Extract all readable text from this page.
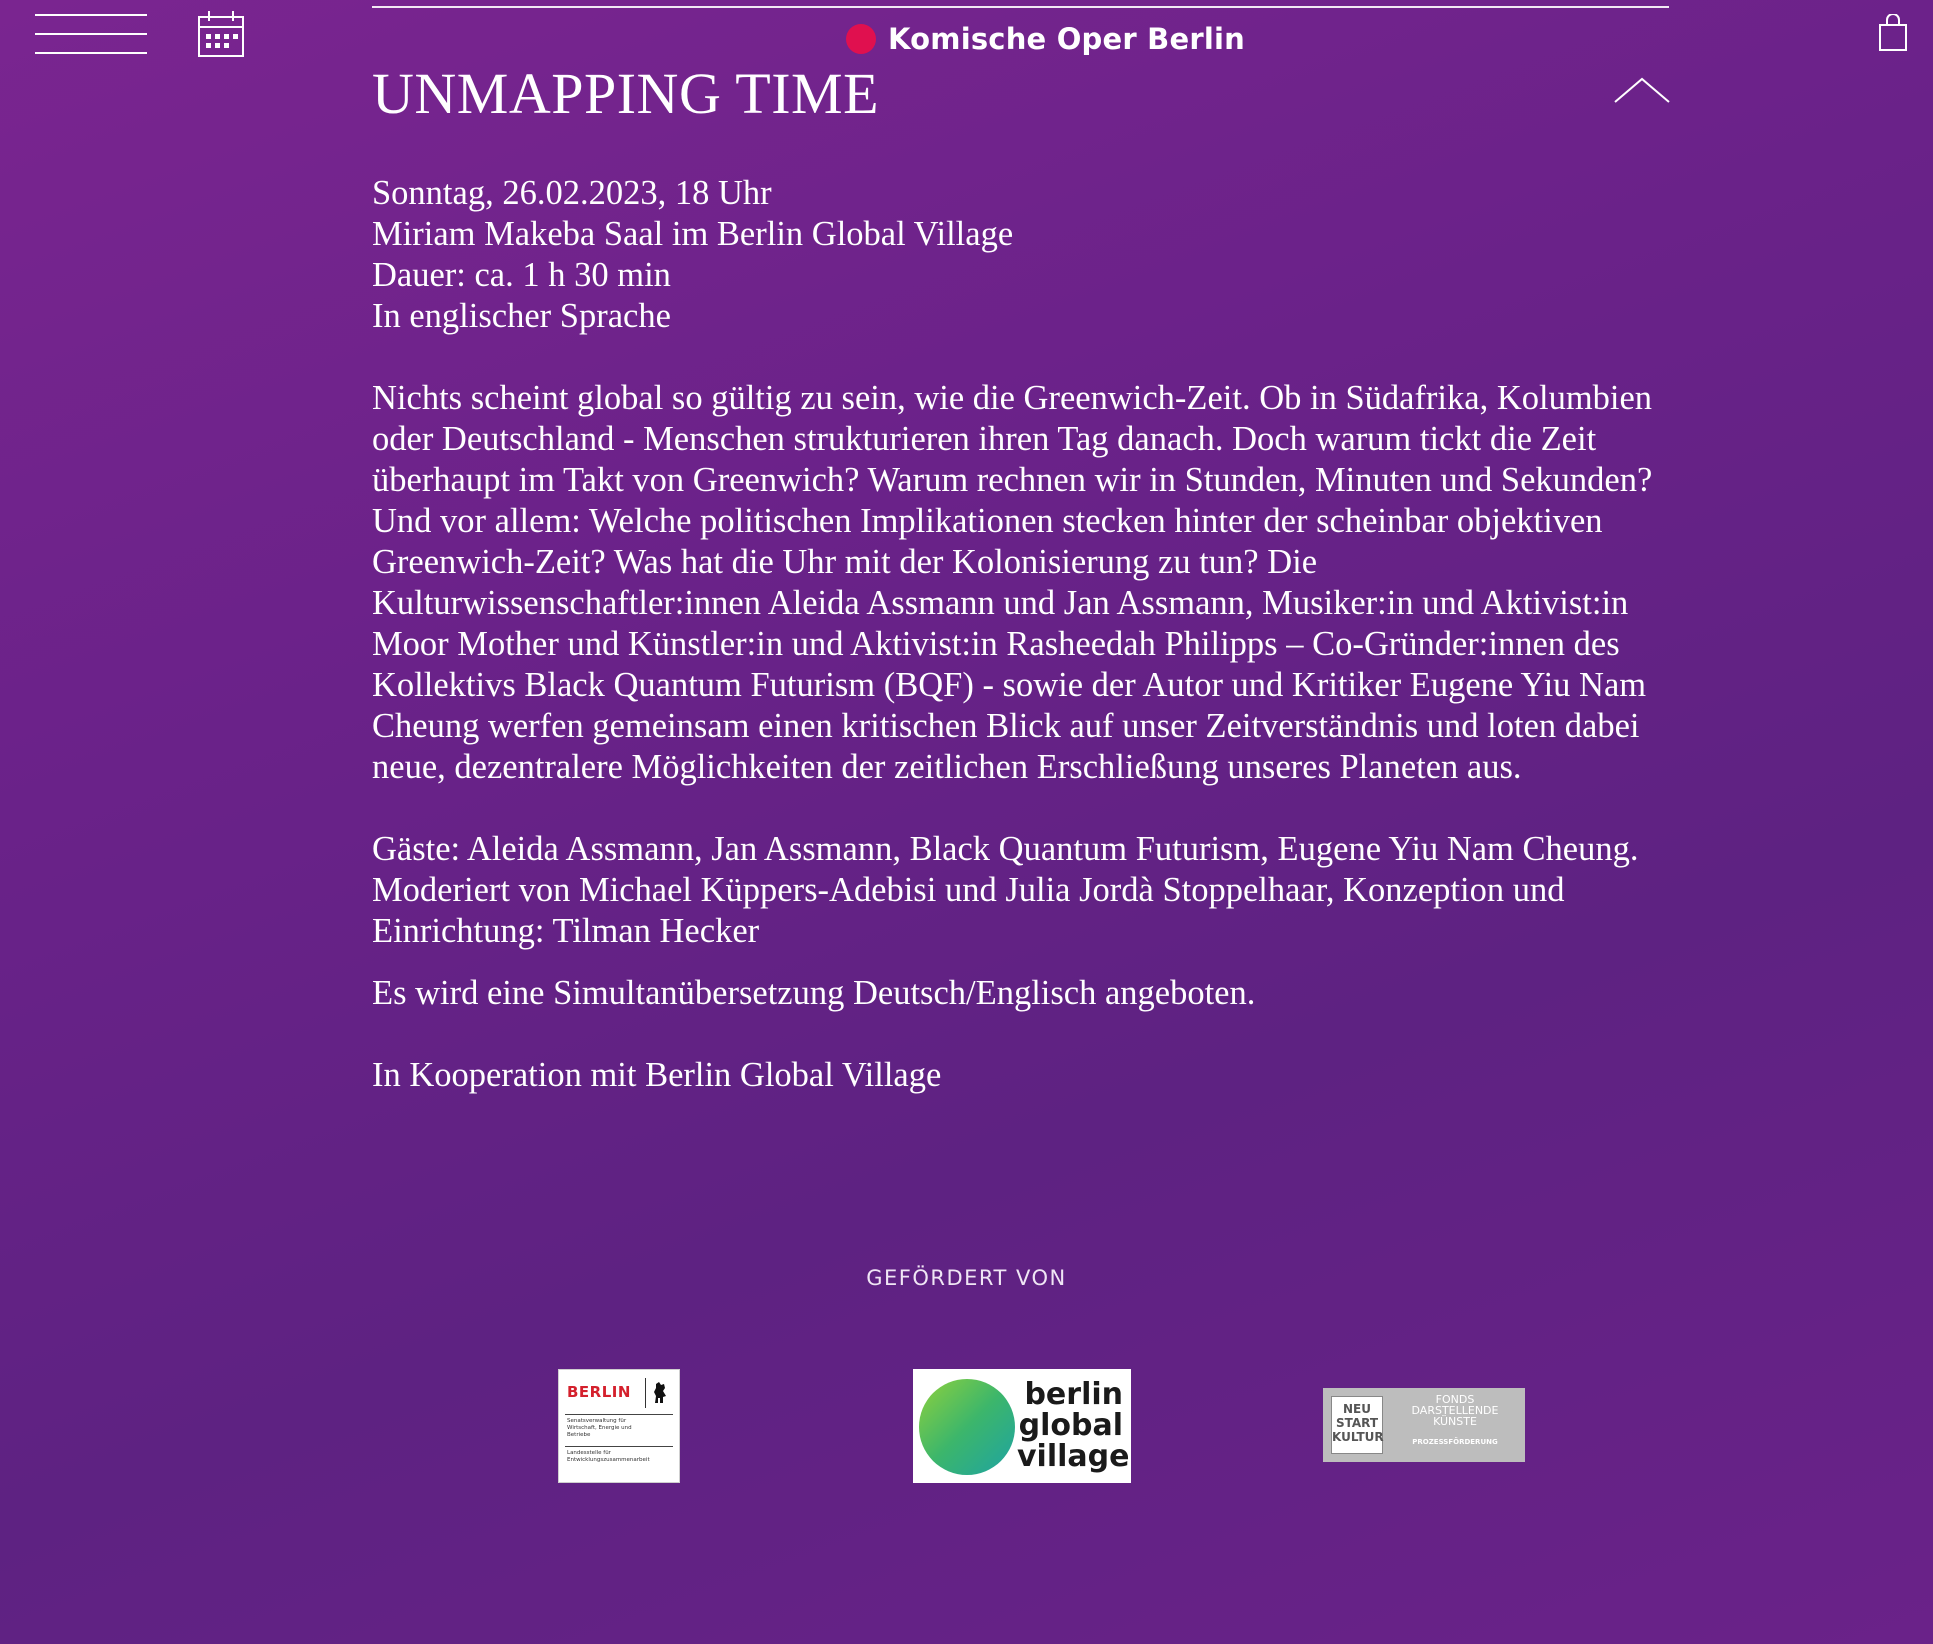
Komische Oper Berlin
UNMAPPING TIME

Sonntag, 26.02.2023, 18 Uhr
Miriam Makeba Saal im Berlin Global Village
Dauer: ca. 1 h 30 min
In englischer Sprache

Nichts scheint global so gültig zu sein, wie die Greenwich-Zeit. Ob in Südafrika, Kolumbien oder Deutschland - Menschen strukturieren ihren Tag danach. Doch warum tickt die Zeit überhaupt im Takt von Greenwich? Warum rechnen wir in Stunden, Minuten und Sekunden? Und vor allem: Welche politischen Implikationen stecken hinter der scheinbar objektiven Greenwich-Zeit? Was hat die Uhr mit der Kolonisierung zu tun? Die Kulturwissenschaftler:innen Aleida Assmann und Jan Assmann, Musiker:in und Aktivist:in Moor Mother und Künstler:in und Aktivist:in Rasheedah Philipps – Co-Gründer:innen des Kollektivs Black Quantum Futurism (BQF) - sowie der Autor und Kritiker Eugene Yiu Nam Cheung werfen gemeinsam einen kritischen Blick auf unser Zeitverständnis und loten dabei neue, dezentralere Möglichkeiten der zeitlichen Erschließung unseres Planeten aus.

Gäste: Aleida Assmann, Jan Assmann, Black Quantum Futurism, Eugene Yiu Nam Cheung. Moderiert von Michael Küppers-Adebisi und Julia Jordà Stoppelhaar, Konzeption und Einrichtung: Tilman Hecker

Es wird eine Simultanübersetzung Deutsch/Englisch angeboten.

In Kooperation mit Berlin Global Village

GEFÖRDERT VON
BERLIN
Senatsverwaltung für Wirtschaft, Energie und Betriebe
Landesstelle für Entwicklungszusammenarbeit
berlin
global
village
NEU
START
KULTUR
FONDS
DARSTELLENDE
KÜNSTE
PROZESSFÖRDERUNG
